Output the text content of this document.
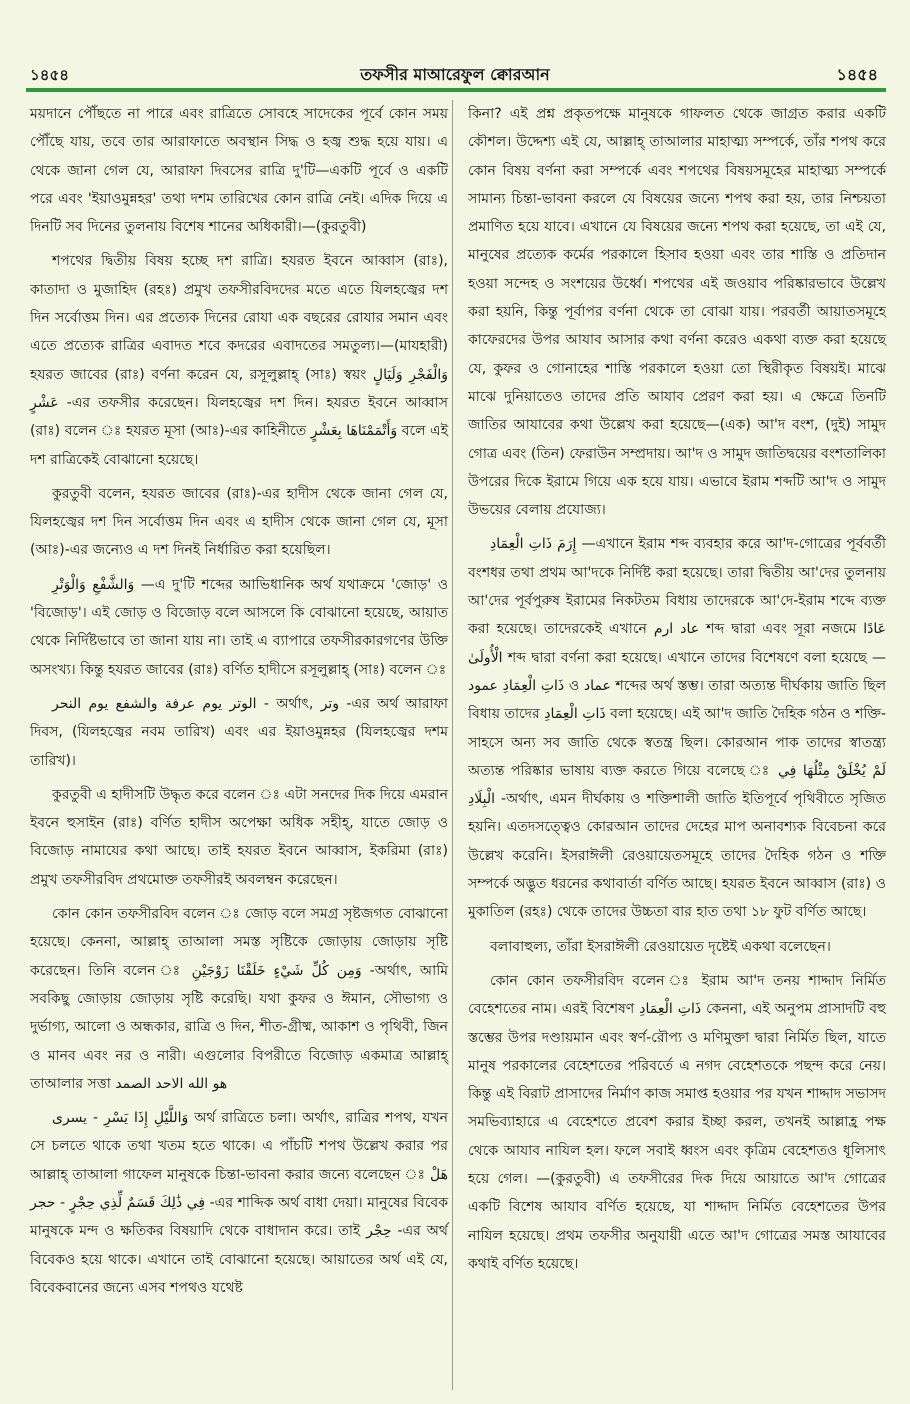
১৪৫৪	তফসীর মাআরেফুল ক্বোরআন	১৪৫৪

ময়দানে পৌঁছতে না পারে এবং রাত্রিতে সোবহে সাদেকের পূর্বে কোন সময় পৌঁছে যায়, তবে তার আরাফাতে অবস্থান সিদ্ধ ও হজ্ব শুদ্ধ হয়ে যায়। এ থেকে জানা গেল যে, আরাফা দিবসের রাত্রি দু'টি—একটি পূর্বে ও একটি পরে এবং 'ইয়াওমুন্নহর' তথা দশম তারিখের কোন রাত্রি নেই। এদিক দিয়ে এ দিনটি সব দিনের তুলনায় বিশেষ শানের অধিকারী।—(কুরতুবী)

শপথের দ্বিতীয় বিষয় হচ্ছে দশ রাত্রি। হযরত ইবনে আব্বাস (রাঃ), কাতাদা ও মুজাহিদ (রহঃ) প্রমুখ তফসীরবিদদের মতে এতে যিলহজ্বের দশ দিন সর্বোত্তম দিন। এর প্রত্যেক দিনের রোযা এক বছরের রোযার সমান এবং এতে প্রত্যেক রাত্রির এবাদত শবে কদরের এবাদতের সমতুল্য।—(মাযহারী) হযরত জাবের (রাঃ) বর্ণনা করেন যে, রসূলুল্লাহ্ (সাঃ) স্বয়ং وَالْفَجْرِ وَلَيَالٍ عَشْرٍ -এর তফসীর করেছেন। যিলহজ্বের দশ দিন। হযরত ইবনে আব্বাস (রাঃ) বলেন ঃ হযরত মূসা (আঃ)-এর কাহিনীতে وَأَتْمَمْنَاهَا بِعَشْرٍ বলে এই দশ রাত্রিকেই বোঝানো হয়েছে।

কুরতুবী বলেন, হযরত জাবের (রাঃ)-এর হাদীস থেকে জানা গেল যে, যিলহজ্বের দশ দিন সর্বোত্তম দিন এবং এ হাদীস থেকে জানা গেল যে, মূসা (আঃ)-এর জন্যেও এ দশ দিনই নির্ধারিত করা হয়েছিল।

وَالشَّفْعِ وَالْوَتْرِ —এ দু'টি শব্দের আভিধানিক অর্থ যথাক্রমে 'জোড়' ও 'বিজোড়'। এই জোড় ও বিজোড় বলে আসলে কি বোঝানো হয়েছে, আয়াত থেকে নির্দিষ্টভাবে তা জানা যায় না। তাই এ ব্যাপারে তফসীরকারগণের উক্তি অসংখ্য। কিন্তু হযরত জাবের (রাঃ) বর্ণিত হাদীসে রসূলুল্লাহ্ (সাঃ) বলেন ঃ

الوتر يوم عرفة والشفع يوم النحر - অর্থাৎ, وتر -এর অর্থ আরাফা দিবস, (যিলহজ্বের নবম তারিখ) এবং এর ইয়াওমুন্নহর (যিলহজ্বের দশম তারিখ)।

কুরতুবী এ হাদীসটি উদ্ধৃত করে বলেন ঃ এটা সনদের দিক দিয়ে এমরান ইবনে হুসাইন (রাঃ) বর্ণিত হাদীস অপেক্ষা অধিক সহীহ্, যাতে জোড় ও বিজোড় নামাযের কথা আছে। তাই হযরত ইবনে আব্বাস, ইকরিমা (রাঃ) প্রমুখ তফসীরবিদ প্রথমোক্ত তফসীরই অবলম্বন করেছেন।

কোন কোন তফসীরবিদ বলেন ঃ জোড় বলে সমগ্র সৃষ্টজগত বোঝানো হয়েছে। কেননা, আল্লাহ্ তাআলা সমস্ত সৃষ্টিকে জোড়ায় জোড়ায় সৃষ্টি করেছেন। তিনি বলেন ঃ وَمِن كُلِّ شَيْءٍ خَلَقْنَا زَوْجَيْنِ -অর্থাৎ, আমি সবকিছু জোড়ায় জোড়ায় সৃষ্টি করেছি। যথা কুফর ও ঈমান, সৌভাগ্য ও দুর্ভাগ্য, আলো ও অন্ধকার, রাত্রি ও দিন, শীত-গ্রীষ্ম, আকাশ ও পৃথিবী, জিন ও মানব এবং নর ও নারী। এগুলোর বিপরীতে বিজোড় একমাত্র আল্লাহ্ তাআলার সত্তা هو الله الاحد الصمد

وَاللَّيْلِ إِذَا يَسْرِ - يسرى অর্থ রাত্রিতে চলা। অর্থাৎ, রাত্রির শপথ, যখন সে চলতে থাকে তথা খতম হতে থাকে। এ পাঁচটি শপথ উল্লেখ করার পর আল্লাহ্ তাআলা গাফেল মানুষকে চিন্তা-ভাবনা করার জন্যে বলেছেন ঃ هَلْ فِي ذَٰلِكَ قَسَمٌ لِّذِي حِجْرٍ - حجر -এর শাব্দিক অর্থ বাধা দেয়া। মানুষের বিবেক মানুষকে মন্দ ও ক্ষতিকর বিষয়াদি থেকে বাধাদান করে। তাই حِجْر -এর অর্থ বিবেকও হয়ে থাকে। এখানে তাই বোঝানো হয়েছে। আয়াতের অর্থ এই যে, বিবেকবানের জন্যে এসব শপথও যথেষ্ট

কিনা? এই প্রশ্ন প্রকৃতপক্ষে মানুষকে গাফলত থেকে জাগ্রত করার একটি কৌশল। উদ্দেশ্য এই যে, আল্লাহ্ তাআলার মাহাত্ম্য সম্পর্কে, তাঁর শপথ করে কোন বিষয় বর্ণনা করা সম্পর্কে এবং শপথের বিষয়সমূহের মাহাত্ম্য সম্পর্কে সামান্য চিন্তা-ভাবনা করলে যে বিষয়ের জন্যে শপথ করা হয়, তার নিশ্চয়তা প্রমাণিত হয়ে যাবে। এখানে যে বিষয়ের জন্যে শপথ করা হয়েছে, তা এই যে, মানুষের প্রত্যেক কর্মের পরকালে হিসাব হওয়া এবং তার শাস্তি ও প্রতিদান হওয়া সন্দেহ ও সংশয়ের উর্ধ্বে। শপথের এই জওয়াব পরিষ্কারভাবে উল্লেখ করা হয়নি, কিন্তু পূর্বাপর বর্ণনা থেকে তা বোঝা যায়। পরবর্তী আয়াতসমূহে কাফেরদের উপর আযাব আসার কথা বর্ণনা করেও একথা ব্যক্ত করা হয়েছে যে, কুফর ও গোনাহের শাস্তি পরকালে হওয়া তো স্থিরীকৃত বিষয়ই। মাঝে মাঝে দুনিয়াতেও তাদের প্রতি আযাব প্রেরণ করা হয়। এ ক্ষেত্রে তিনটি জাতির আযাবের কথা উল্লেখ করা হয়েছে—(এক) আ'দ বংশ, (দুই) সামুদ গোত্র এবং (তিন) ফেরাউন সম্প্রদায়। আ'দ ও সামুদ জাতিদ্বয়ের বংশতালিকা উপরের দিকে ইরামে গিয়ে এক হয়ে যায়। এভাবে ইরাম শব্দটি আ'দ ও সামুদ উভয়ের বেলায় প্রযোজ্য।

إِرَمَ ذَاتِ الْعِمَادِ —এখানে ইরাম শব্দ ব্যবহার করে আ'দ-গোত্রের পূর্ববর্তী বংশধর তথা প্রথম আ'দকে নির্দিষ্ট করা হয়েছে। তারা দ্বিতীয় আ'দের তুলনায় আ'দের পূর্বপুরুষ ইরামের নিকটতম বিধায় তাদেরকে আ'দে-ইরাম শব্দে ব্যক্ত করা হয়েছে। তাদেরকেই এখানে عاد ارم শব্দ দ্বারা এবং সূরা নজমে عَادًا الْأُولَىٰ শব্দ দ্বারা বর্ণনা করা হয়েছে। এখানে তাদের বিশেষণে বলা হয়েছে — ذَاتِ الْعِمَادِ عمود ও عماد শব্দের অর্থ স্তম্ভ। তারা অত্যন্ত দীর্ঘকায় জাতি ছিল বিধায় তাদের ذَاتِ الْعِمَادِ বলা হয়েছে। এই আ'দ জাতি দৈহিক গঠন ও শক্তি-সাহসে অন্য সব জাতি থেকে স্বতন্ত্র ছিল। কোরআন পাক তাদের স্বাতন্ত্র্য অত্যন্ত পরিষ্কার ভাষায় ব্যক্ত করতে গিয়ে বলেছে ঃ لَمْ يُخْلَقْ مِثْلُهَا فِي الْبِلَادِ -অর্থাৎ, এমন দীর্ঘকায় ও শক্তিশালী জাতি ইতিপূর্বে পৃথিবীতে সৃজিত হয়নি। এতদসত্ত্বেও কোরআন তাদের দেহের মাপ অনাবশ্যক বিবেচনা করে উল্লেখ করেনি। ইসরাঈলী রেওয়ায়েতসমূহে তাদের দৈহিক গঠন ও শক্তি সম্পর্কে অদ্ভুত ধরনের কথাবার্তা বর্ণিত আছে। হযরত ইবনে আব্বাস (রাঃ) ও মুকাতিল (রহঃ) থেকে তাদের উচ্চতা বার হাত তথা ১৮ ফুট বর্ণিত আছে।

বলাবাহুল্য, তাঁরা ইসরাঈলী রেওয়ায়েত দৃষ্টেই একথা বলেছেন।

কোন কোন তফসীরবিদ বলেন ঃ ইরাম আ'দ তনয় শাদ্দাদ নির্মিত বেহেশতের নাম। এরই বিশেষণ ذَاتِ الْعِمَادِ কেননা, এই অনুপম প্রাসাদটি বহু স্তম্ভের উপর দণ্ডায়মান এবং স্বর্ণ-রৌপ্য ও মণিমুক্তা দ্বারা নির্মিত ছিল, যাতে মানুষ পরকালের বেহেশতের পরিবর্তে এ নগদ বেহেশতকে পছন্দ করে নেয়। কিন্তু এই বিরাট প্রাসাদের নির্মাণ কাজ সমাপ্ত হওয়ার পর যখন শাদ্দাদ সভাসদ সমভিব্যাহারে এ বেহেশতে প্রবেশ করার ইচ্ছা করল, তখনই আল্লাহ্র পক্ষ থেকে আযাব নাযিল হল। ফলে সবাই ধ্বংস এবং কৃত্রিম বেহেশতও ধূলিসাৎ হয়ে গেল। —(কুরতুবী) এ তফসীরের দিক দিয়ে আয়াতে আ'দ গোত্রের একটি বিশেষ আযাব বর্ণিত হয়েছে, যা শাদ্দাদ নির্মিত বেহেশতের উপর নাযিল হয়েছে। প্রথম তফসীর অনুযায়ী এতে আ'দ গোত্রের সমস্ত আযাবের কথাই বর্ণিত হয়েছে।
